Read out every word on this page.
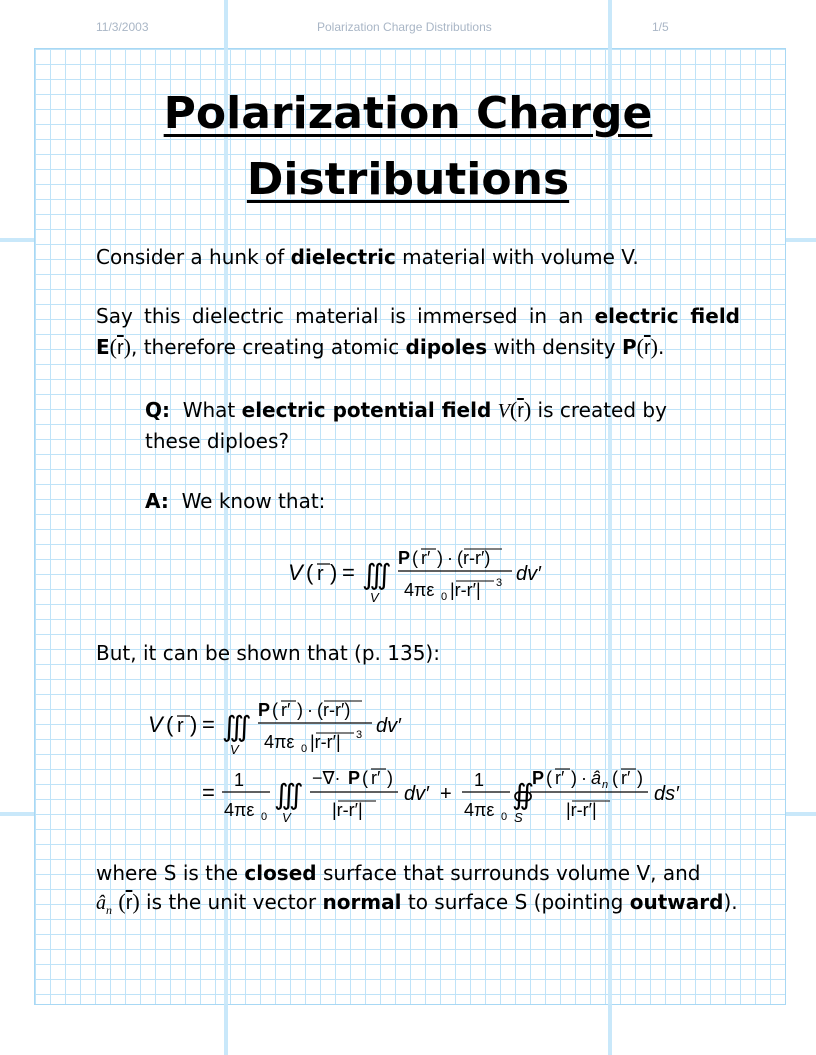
11/3/2003	Polarization Charge Distributions	1/5
Polarization Charge
Distributions
Consider a hunk of dielectric material with volume V.
Say this dielectric material is immersed in an electric field
$E(\overline{r})$, therefore creating atomic dipoles with density $P(\overline{r})$.
Q: What electric potential field $V(\overline{r})$ is created by
these diploes?
A: We know that:
V ( r ) = ∭
V
P ( r′ ) · (r-r′)
4πε 0 |r-r′| 3 dv′
But, it can be shown that (p. 135):
V ( r ) = ∭
V
P ( r′ ) · (r-r′)
4πε 0 |r-r′| 3 dv′
= 1
4πε 0
∭
V
−∇· P ( r′ )
|r-r′|
dv′ +
1
4πε 0
∯
S
P ( r′ ) · â n ( r′ )
|r-r′|
ds′
where S is the closed surface that surrounds volume V, and
$â_n$ $(\overline{r})$ is the unit vector normal to surface S (pointing outward).
